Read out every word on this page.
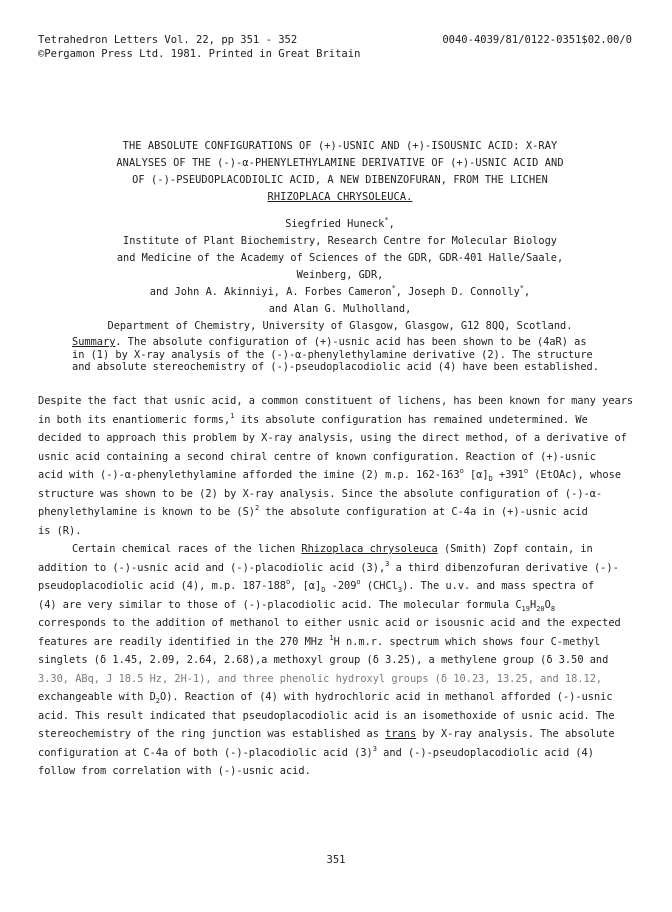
Tetrahedron Letters Vol. 22, pp 351 - 352
©Pergamon Press Ltd. 1981. Printed in Great Britain
0040-4039/81/0122-0351$02.00/0
THE ABSOLUTE CONFIGURATIONS OF (+)-USNIC AND (+)-ISOUSNIC ACID: X-RAY
ANALYSES OF THE (-)-α-PHENYLETHYLAMINE DERIVATIVE OF (+)-USNIC ACID AND
OF (-)-PSEUDOPLACODIOLIC ACID, A NEW DIBENZOFURAN, FROM THE LICHEN
RHIZOPLACA CHRYSOLEUCA.
Siegfried Huneck*,
Institute of Plant Biochemistry, Research Centre for Molecular Biology
and Medicine of the Academy of Sciences of the GDR, GDR-401 Halle/Saale,
Weinberg, GDR,
and John A. Akinniyi, A. Forbes Cameron*, Joseph D. Connolly*,
and Alan G. Mulholland,
Department of Chemistry, University of Glasgow, Glasgow, G12 8QQ, Scotland.
Summary. The absolute configuration of (+)-usnic acid has been shown to be (4aR) as
in (1) by X-ray analysis of the (-)-α-phenylethylamine derivative (2). The structure
and absolute stereochemistry of (-)-pseudoplacodiolic acid (4) have been established.
Despite the fact that usnic acid, a common constituent of lichens, has been known for many years
in both its enantiomeric forms,$^1$ its absolute configuration has remained undetermined. We
decided to approach this problem by X-ray analysis, using the direct method, of a derivative of
usnic acid containing a second chiral centre of known configuration. Reaction of (+)-usnic
acid with (-)-α-phenylethylamine afforded the imine (2) m.p. 162-163$^o$ $[\alpha]_D +391^o$ (EtOAc), whose
structure was shown to be (2) by X-ray analysis. Since the absolute configuration of (-)-α-
phenylethylamine is known to be $(S)^2$ the absolute configuration at C-4a in (+)-usnic acid
is (R).
Certain chemical races of the lichen Rhizoplaca chrysoleuca (Smith) Zopf contain, in
addition to (-)-usnic acid and (-)-placodiolic acid (3),$^3$ a third dibenzofuran derivative (-)-
pseudoplacodiolic acid (4), m.p. 187-188$^o$, $[\alpha]_D$ -209$^o$ (CHCl$_3$). The u.v. and mass spectra of
(4) are very similar to those of (-)-placodiolic acid. The molecular formula $C_{19}H_{20}O_8$
corresponds to the addition of methanol to either usnic acid or isousnic acid and the expected
features are readily identified in the 270 MHz $^1$H n.m.r. spectrum which shows four C-methyl
singlets (δ 1.45, 2.09, 2.64, 2.68),a methoxyl group (δ 3.25), a methylene group (δ 3.50 and
3.30, ABq, J 18.5 Hz, 2H-1), and three phenolic hydroxyl groups (δ 10.23, 13.25, and 18.12,
exchangeable with $D_2O$). Reaction of (4) with hydrochloric acid in methanol afforded (-)-usnic
acid. This result indicated that pseudoplacodiolic acid is an isomethoxide of usnic acid. The
stereochemistry of the ring junction was established as trans by X-ray analysis. The absolute
configuration at C-4a of both (-)-placodiolic acid $(3)^3$ and (-)-pseudoplacodiolic acid (4)
follow from correlation with (-)-usnic acid.
351
